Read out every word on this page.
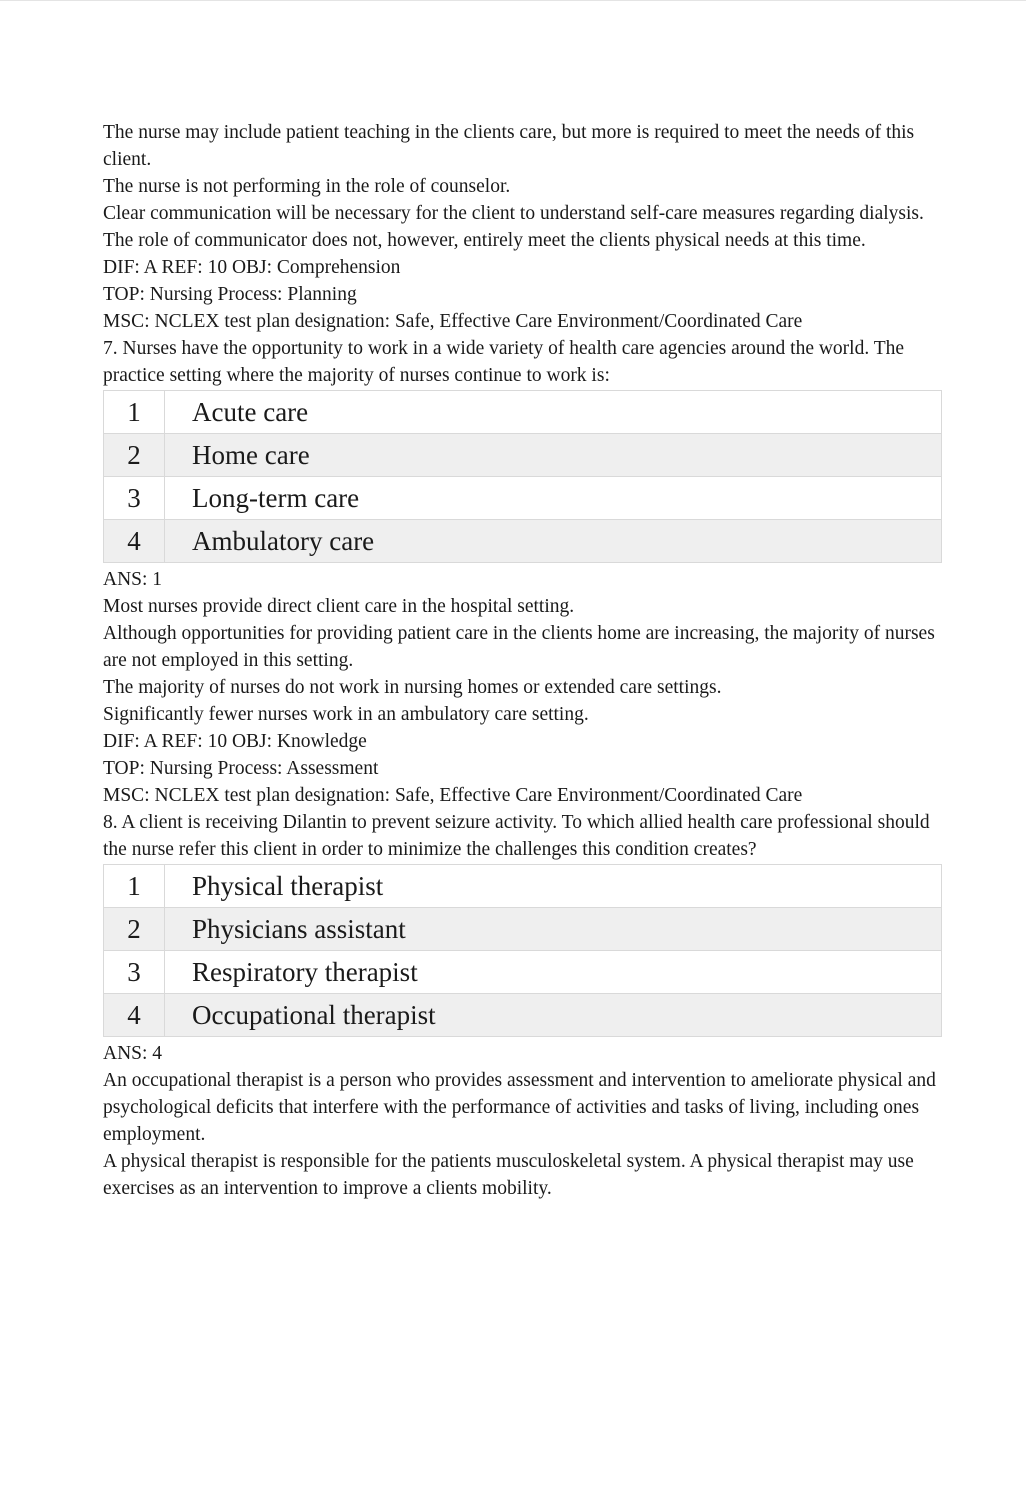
The nurse may include patient teaching in the clients care, but more is required to meet the needs of this client.

The nurse is not performing in the role of counselor.

Clear communication will be necessary for the client to understand self-care measures regarding dialysis. The role of communicator does not, however, entirely meet the clients physical needs at this time.

DIF: A REF: 10 OBJ: Comprehension

TOP: Nursing Process: Planning

MSC: NCLEX test plan designation: Safe, Effective Care Environment/Coordinated Care

7. Nurses have the opportunity to work in a wide variety of health care agencies around the world. The practice setting where the majority of nurses continue to work is:

1	Acute care
2	Home care
3	Long-term care
4	Ambulatory care

ANS: 1

Most nurses provide direct client care in the hospital setting.

Although opportunities for providing patient care in the clients home are increasing, the majority of nurses are not employed in this setting.

The majority of nurses do not work in nursing homes or extended care settings.

Significantly fewer nurses work in an ambulatory care setting.

DIF: A REF: 10 OBJ: Knowledge

TOP: Nursing Process: Assessment

MSC: NCLEX test plan designation: Safe, Effective Care Environment/Coordinated Care

8. A client is receiving Dilantin to prevent seizure activity. To which allied health care professional should the nurse refer this client in order to minimize the challenges this condition creates?

1	Physical therapist
2	Physicians assistant
3	Respiratory therapist
4	Occupational therapist

ANS: 4

An occupational therapist is a person who provides assessment and intervention to ameliorate physical and psychological deficits that interfere with the performance of activities and tasks of living, including ones employment.

A physical therapist is responsible for the patients musculoskeletal system. A physical therapist may use exercises as an intervention to improve a clients mobility.
